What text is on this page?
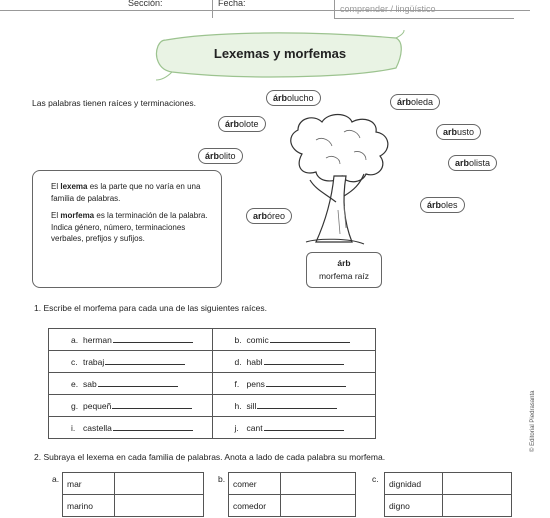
Sección:	Fecha:
comprender / lingüístico
Lexemas y morfemas
Las palabras tienen raíces y terminaciones.	árbolucho	árboleda
árbolote
arbusto
árbolito
arbolista
árboles
arbóreo

El lexema es la parte que no varía en una familia de palabras.

El morfema es la terminación de la palabra. Indica género, número, terminaciones verbales, prefijos y sufijos.

árb
morfema raíz
1. Escribe el morfema para cada una de las siguientes raíces.
a. herman	b. comic
c. trabaj	d. habl
e. sab	f. pens
g. pequeñ	h. sill
i. castella	j. cant
2. Subraya el lexema en cada familia de palabras. Anota a lado de cada palabra su morfema.
a. mar	
marino	
b. comer	
comedor	
c. dignidad	
digno	
© Editorial Piedrasanta
